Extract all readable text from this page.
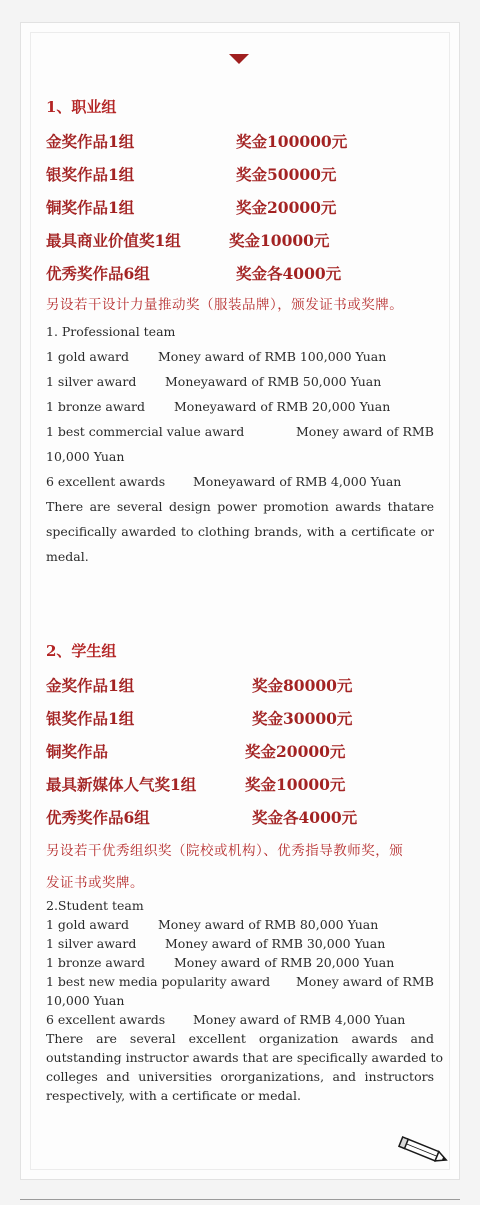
1、职业组
金奖作品1组	奖金100000元
银奖作品1组	奖金50000元
铜奖作品1组	奖金20000元
最具商业价值奖1组	奖金10000元
优秀奖作品6组	奖金各4000元
另设若干设计力量推动奖（服装品牌），颁发证书或奖牌。
1. Professional team
1 gold award Money award of RMB 100,000 Yuan
1 silver award Moneyaward of RMB 50,000 Yuan
1 bronze award Moneyaward of RMB 20,000 Yuan
1 best commercial value award	Money award of RMB
10,000 Yuan
6 excellent awards Moneyaward of RMB 4,000 Yuan
There are several design power promotion awards thatare
specifically awarded to clothing brands, with a certificate or
medal.
2、学生组
金奖作品1组	奖金80000元
银奖作品1组	奖金30000元
铜奖作品	奖金20000元
最具新媒体人气奖1组	奖金10000元
优秀奖作品6组	奖金各4000元
另设若干优秀组织奖（院校或机构）、优秀指导教师奖，颁
发证书或奖牌。
2.Student team
1 gold award Money award of RMB 80,000 Yuan
1 silver award Money award of RMB 30,000 Yuan
1 bronze award Money award of RMB 20,000 Yuan
1 best new media popularity award Money award of RMB
10,000 Yuan
6 excellent awards Money award of RMB 4,000 Yuan
There are several excellent organization awards and
outstanding instructor awards that are specifically awarded to
colleges and universities ororganizations, and instructors
respectively, with a certificate or medal.
